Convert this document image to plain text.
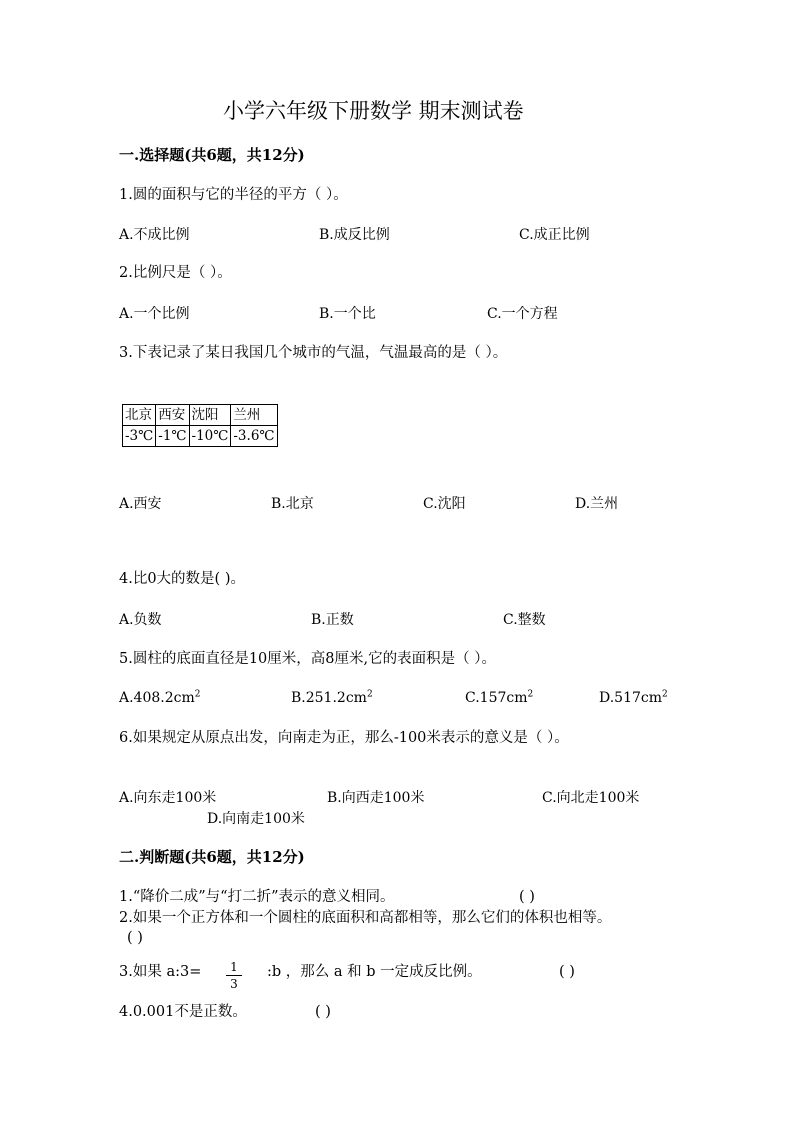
小学六年级下册数学 期末测试卷
一.选择题(共6题，共12分)
1.圆的面积与它的半径的平方（ ）。
A.不成比例	B.成反比例	C.成正比例
2.比例尺是（ ）。
A.一个比例	B.一个比	C.一个方程
3.下表记录了某日我国几个城市的气温，气温最高的是（ ）。
北京	西安	沈阳	兰州
-3℃	-1℃	-10℃	-3.6℃
A.西安	B.北京	C.沈阳	D.兰州
4.比0大的数是( )。
A.负数	B.正数	C.整数
5.圆柱的底面直径是10厘米，高8厘米,它的表面积是（ ）。
$A.408.2cm^2$	$B.251.2cm^2$	$C.157cm^2$	$D.517cm^2$
6.如果规定从原点出发，向南走为正，那么-100米表示的意义是（ ）。
A.向东走100米	B.向西走100米	C.向北走100米
D.向南走100米
二.判断题(共6题，共12分)
1.“降价二成”与“打二折”表示的意义相同。	( )
2.如果一个正方体和一个圆柱的底面积和高都相等，那么它们的体积也相等。
( )
3.如果 a:3=	1
3
:b ，那么 a 和 b 一定成反比例。	( )
4.0.001不是正数。	( )
